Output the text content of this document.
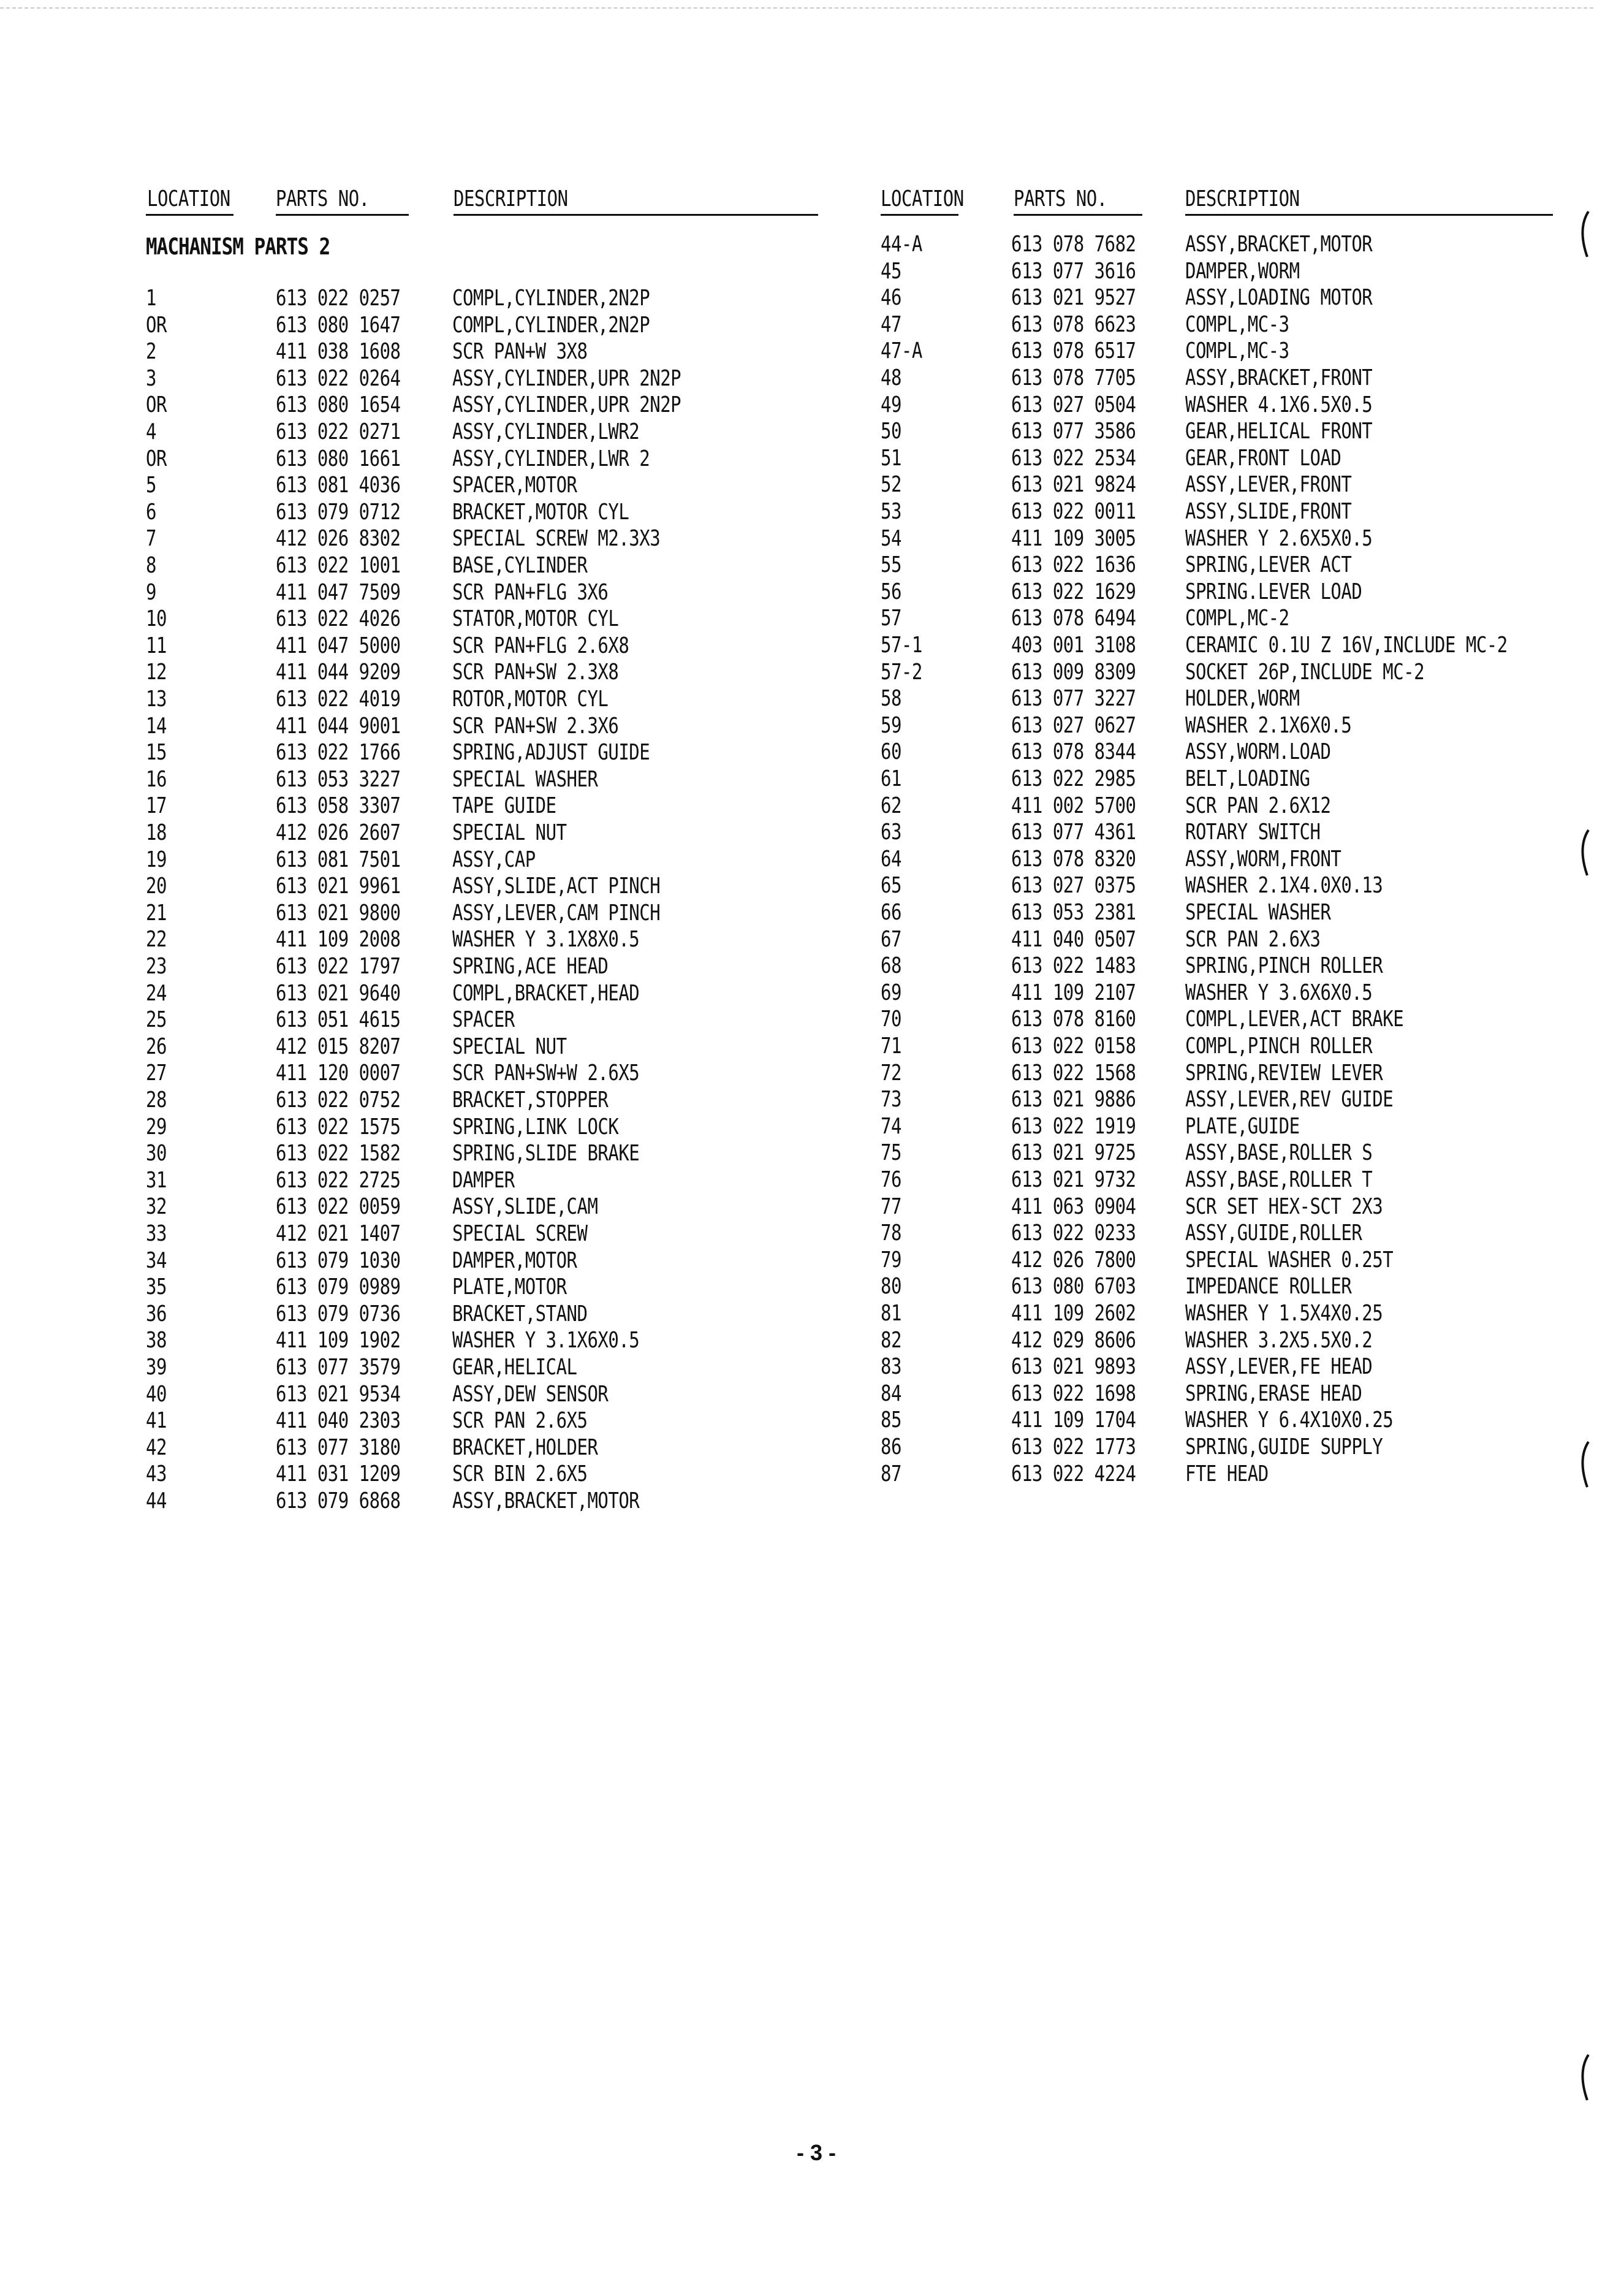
LOCATION	PARTS NO.	DESCRIPTION	LOCATION	PARTS NO.	DESCRIPTION
MACHANISM PARTS 2
1	613 022 0257	COMPL,CYLINDER,2N2P
OR	613 080 1647	COMPL,CYLINDER,2N2P
2	411 038 1608	SCR PAN+W 3X8
3	613 022 0264	ASSY,CYLINDER,UPR 2N2P
OR	613 080 1654	ASSY,CYLINDER,UPR 2N2P
4	613 022 0271	ASSY,CYLINDER,LWR2
OR	613 080 1661	ASSY,CYLINDER,LWR 2
5	613 081 4036	SPACER,MOTOR
6	613 079 0712	BRACKET,MOTOR CYL
7	412 026 8302	SPECIAL SCREW M2.3X3
8	613 022 1001	BASE,CYLINDER
9	411 047 7509	SCR PAN+FLG 3X6
10	613 022 4026	STATOR,MOTOR CYL
11	411 047 5000	SCR PAN+FLG 2.6X8
12	411 044 9209	SCR PAN+SW 2.3X8
13	613 022 4019	ROTOR,MOTOR CYL
14	411 044 9001	SCR PAN+SW 2.3X6
15	613 022 1766	SPRING,ADJUST GUIDE
16	613 053 3227	SPECIAL WASHER
17	613 058 3307	TAPE GUIDE
18	412 026 2607	SPECIAL NUT
19	613 081 7501	ASSY,CAP
20	613 021 9961	ASSY,SLIDE,ACT PINCH
21	613 021 9800	ASSY,LEVER,CAM PINCH
22	411 109 2008	WASHER Y 3.1X8X0.5
23	613 022 1797	SPRING,ACE HEAD
24	613 021 9640	COMPL,BRACKET,HEAD
25	613 051 4615	SPACER
26	412 015 8207	SPECIAL NUT
27	411 120 0007	SCR PAN+SW+W 2.6X5
28	613 022 0752	BRACKET,STOPPER
29	613 022 1575	SPRING,LINK LOCK
30	613 022 1582	SPRING,SLIDE BRAKE
31	613 022 2725	DAMPER
32	613 022 0059	ASSY,SLIDE,CAM
33	412 021 1407	SPECIAL SCREW
34	613 079 1030	DAMPER,MOTOR
35	613 079 0989	PLATE,MOTOR
36	613 079 0736	BRACKET,STAND
38	411 109 1902	WASHER Y 3.1X6X0.5
39	613 077 3579	GEAR,HELICAL
40	613 021 9534	ASSY,DEW SENSOR
41	411 040 2303	SCR PAN 2.6X5
42	613 077 3180	BRACKET,HOLDER
43	411 031 1209	SCR BIN 2.6X5
44	613 079 6868	ASSY,BRACKET,MOTOR
44-A	613 078 7682	ASSY,BRACKET,MOTOR
45	613 077 3616	DAMPER,WORM
46	613 021 9527	ASSY,LOADING MOTOR
47	613 078 6623	COMPL,MC-3
47-A	613 078 6517	COMPL,MC-3
48	613 078 7705	ASSY,BRACKET,FRONT
49	613 027 0504	WASHER 4.1X6.5X0.5
50	613 077 3586	GEAR,HELICAL FRONT
51	613 022 2534	GEAR,FRONT LOAD
52	613 021 9824	ASSY,LEVER,FRONT
53	613 022 0011	ASSY,SLIDE,FRONT
54	411 109 3005	WASHER Y 2.6X5X0.5
55	613 022 1636	SPRING,LEVER ACT
56	613 022 1629	SPRING.LEVER LOAD
57	613 078 6494	COMPL,MC-2
57-1	403 001 3108	CERAMIC 0.1U Z 16V,INCLUDE MC-2
57-2	613 009 8309	SOCKET 26P,INCLUDE MC-2
58	613 077 3227	HOLDER,WORM
59	613 027 0627	WASHER 2.1X6X0.5
60	613 078 8344	ASSY,WORM.LOAD
61	613 022 2985	BELT,LOADING
62	411 002 5700	SCR PAN 2.6X12
63	613 077 4361	ROTARY SWITCH
64	613 078 8320	ASSY,WORM,FRONT
65	613 027 0375	WASHER 2.1X4.0X0.13
66	613 053 2381	SPECIAL WASHER
67	411 040 0507	SCR PAN 2.6X3
68	613 022 1483	SPRING,PINCH ROLLER
69	411 109 2107	WASHER Y 3.6X6X0.5
70	613 078 8160	COMPL,LEVER,ACT BRAKE
71	613 022 0158	COMPL,PINCH ROLLER
72	613 022 1568	SPRING,REVIEW LEVER
73	613 021 9886	ASSY,LEVER,REV GUIDE
74	613 022 1919	PLATE,GUIDE
75	613 021 9725	ASSY,BASE,ROLLER S
76	613 021 9732	ASSY,BASE,ROLLER T
77	411 063 0904	SCR SET HEX-SCT 2X3
78	613 022 0233	ASSY,GUIDE,ROLLER
79	412 026 7800	SPECIAL WASHER 0.25T
80	613 080 6703	IMPEDANCE ROLLER
81	411 109 2602	WASHER Y 1.5X4X0.25
82	412 029 8606	WASHER 3.2X5.5X0.2
83	613 021 9893	ASSY,LEVER,FE HEAD
84	613 022 1698	SPRING,ERASE HEAD
85	411 109 1704	WASHER Y 6.4X10X0.25
86	613 022 1773	SPRING,GUIDE SUPPLY
87	613 022 4224	FTE HEAD
- 3 -
